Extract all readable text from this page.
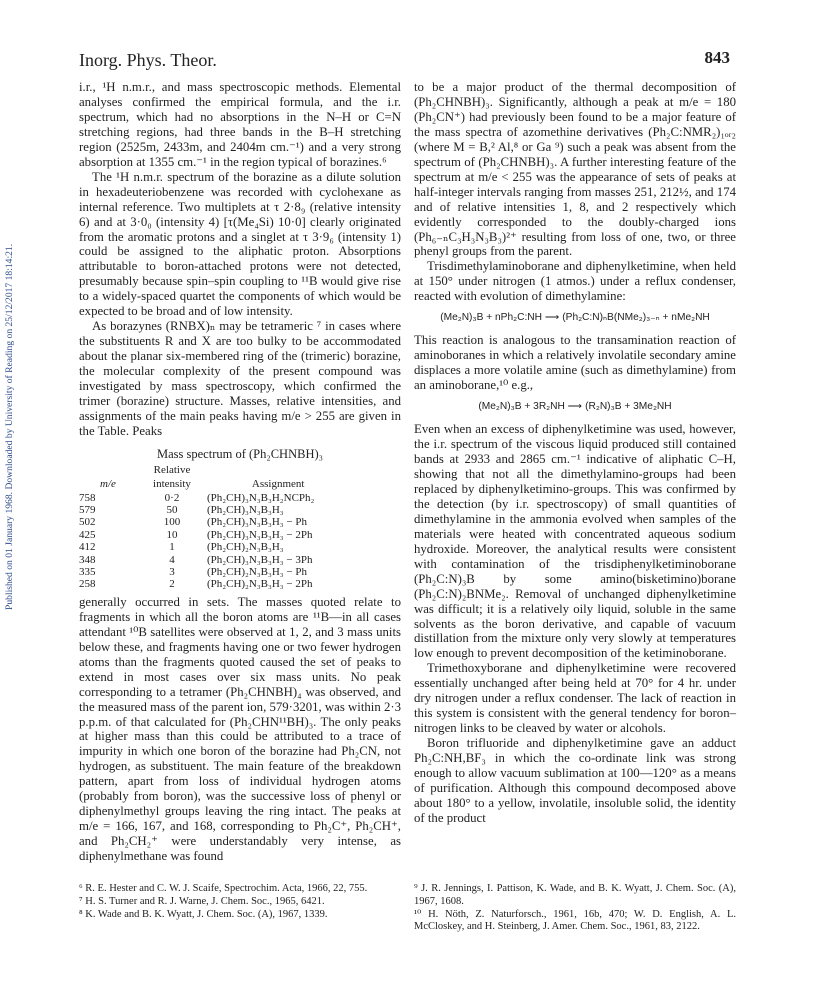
Inorg. Phys. Theor.	843
Published on 01 January 1968. Downloaded by University of Reading on 25/12/2017 18:14:21.

i.r., ¹H n.m.r., and mass spectroscopic methods. Elemental analyses confirmed the empirical formula, and the i.r. spectrum, which had no absorptions in the N–H or C=N stretching regions, had three bands in the B–H stretching region (2525m, 2433m, and 2404m cm.⁻¹) and a very strong absorption at 1355 cm.⁻¹ in the region typical of borazines.⁶

The ¹H n.m.r. spectrum of the borazine as a dilute solution in hexadeuteriobenzene was recorded with cyclohexane as internal reference. Two multiplets at τ 2·8₉ (relative intensity 6) and at 3·0₀ (intensity 4) [τ(Me₄Si) 10·0] clearly originated from the aromatic protons and a singlet at τ 3·9₆ (intensity 1) could be assigned to the aliphatic proton. Absorptions attributable to boron-attached protons were not detected, presumably because spin–spin coupling to ¹¹B would give rise to a widely-spaced quartet the components of which would be expected to be broad and of low intensity.

As borazynes (RNBX)ₙ may be tetrameric ⁷ in cases where the substituents R and X are too bulky to be accommodated about the planar six-membered ring of the (trimeric) borazine, the molecular complexity of the present compound was investigated by mass spectroscopy, which confirmed the trimer (borazine) structure. Masses, relative intensities, and assignments of the main peaks having m/e > 255 are given in the Table. Peaks

Mass spectrum of (Ph₂CHNBH)₃
	Relative	
m/e	intensity	Assignment
758	0·2	(Ph₂CH)₃N₃B₃H₂NCPh₂
579	50	(Ph₂CH)₃N₃B₃H₃
502	100	(Ph₂CH)₃N₃B₃H₃ − Ph
425	10	(Ph₂CH)₃N₃B₃H₃ − 2Ph
412	1	(Ph₂CH)₂N₃B₃H₃
348	4	(Ph₂CH)₃N₃B₃H₃ − 3Ph
335	3	(Ph₂CH)₂N₃B₃H₃ − Ph
258	2	(Ph₂CH)₂N₃B₃H₃ − 2Ph

generally occurred in sets. The masses quoted relate to fragments in which all the boron atoms are ¹¹B—in all cases attendant ¹⁰B satellites were observed at 1, 2, and 3 mass units below these, and fragments having one or two fewer hydrogen atoms than the fragments quoted caused the set of peaks to extend in most cases over six mass units. No peak corresponding to a tetramer (Ph₂CHNBH)₄ was observed, and the measured mass of the parent ion, 579·3201, was within 2·3 p.p.m. of that calculated for (Ph₂CHN¹¹BH)₃. The only peaks at higher mass than this could be attributed to a trace of impurity in which one boron of the borazine had Ph₂CN, not hydrogen, as substituent. The main feature of the breakdown pattern, apart from loss of individual hydrogen atoms (probably from boron), was the successive loss of phenyl or diphenylmethyl groups leaving the ring intact. The peaks at m/e = 166, 167, and 168, corresponding to Ph₂C⁺, Ph₂CH⁺, and Ph₂CH₂⁺ were understandably very intense, as diphenylmethane was found

to be a major product of the thermal decomposition of (Ph₂CHNBH)₃. Significantly, although a peak at m/e = 180 (Ph₂CN⁺) had previously been found to be a major feature of the mass spectra of azomethine derivatives (Ph₂C:NMR₂)₁ₒᵣ₂ (where M = B,² Al,⁸ or Ga ⁹) such a peak was absent from the spectrum of (Ph₂CHNBH)₃. A further interesting feature of the spectrum at m/e < 255 was the appearance of sets of peaks at half-integer intervals ranging from masses 251, 212½, and 174 and of relative intensities 1, 8, and 2 respectively which evidently corresponded to the doubly-charged ions (Ph₆₋ₙC₃H₃N₃B₃)²⁺ resulting from loss of one, two, or three phenyl groups from the parent.

Trisdimethylaminoborane and diphenylketimine, when held at 150° under nitrogen (1 atmos.) under a reflux condenser, reacted with evolution of dimethylamine:

(Me₂N)₃B + nPh₂C:NH ⟶ (Ph₂C:N)ₙB(NMe₂)₃₋ₙ + nMe₂NH

This reaction is analogous to the transamination reaction of aminoboranes in which a relatively involatile secondary amine displaces a more volatile amine (such as dimethylamine) from an aminoborane,¹⁰ e.g.,

(Me₂N)₃B + 3R₂NH ⟶ (R₂N)₃B + 3Me₂NH

Even when an excess of diphenylketimine was used, however, the i.r. spectrum of the viscous liquid produced still contained bands at 2933 and 2865 cm.⁻¹ indicative of aliphatic C–H, showing that not all the dimethylamino-groups had been replaced by diphenylketimino-groups. This was confirmed by the detection (by i.r. spectroscopy) of small quantities of dimethylamine in the ammonia evolved when samples of the materials were heated with concentrated aqueous sodium hydroxide. Moreover, the analytical results were consistent with contamination of the trisdiphenylketiminoborane (Ph₂C:N)₃B by some amino(bisketimino)borane (Ph₂C:N)₂BNMe₂. Removal of unchanged diphenylketimine was difficult; it is a relatively oily liquid, soluble in the same solvents as the boron derivative, and capable of vacuum distillation from the mixture only very slowly at temperatures low enough to prevent decomposition of the ketiminoborane.

Trimethoxyborane and diphenylketimine were recovered essentially unchanged after being held at 70° for 4 hr. under dry nitrogen under a reflux condenser. The lack of reaction in this system is consistent with the general tendency for boron–nitrogen links to be cleaved by water or alcohols.

Boron trifluoride and diphenylketimine gave an adduct Ph₂C:NH,BF₃ in which the co-ordinate link was strong enough to allow vacuum sublimation at 100—120° as a means of purification. Although this compound decomposed above about 180° to a yellow, involatile, insoluble solid, the identity of the product

⁶ R. E. Hester and C. W. J. Scaife, Spectrochim. Acta, 1966, 22, 755.

⁷ H. S. Turner and R. J. Warne, J. Chem. Soc., 1965, 6421.

⁸ K. Wade and B. K. Wyatt, J. Chem. Soc. (A), 1967, 1339.

⁹ J. R. Jennings, I. Pattison, K. Wade, and B. K. Wyatt, J. Chem. Soc. (A), 1967, 1608.

¹⁰ H. Nöth, Z. Naturforsch., 1961, 16b, 470; W. D. English, A. L. McCloskey, and H. Steinberg, J. Amer. Chem. Soc., 1961, 83, 2122.
